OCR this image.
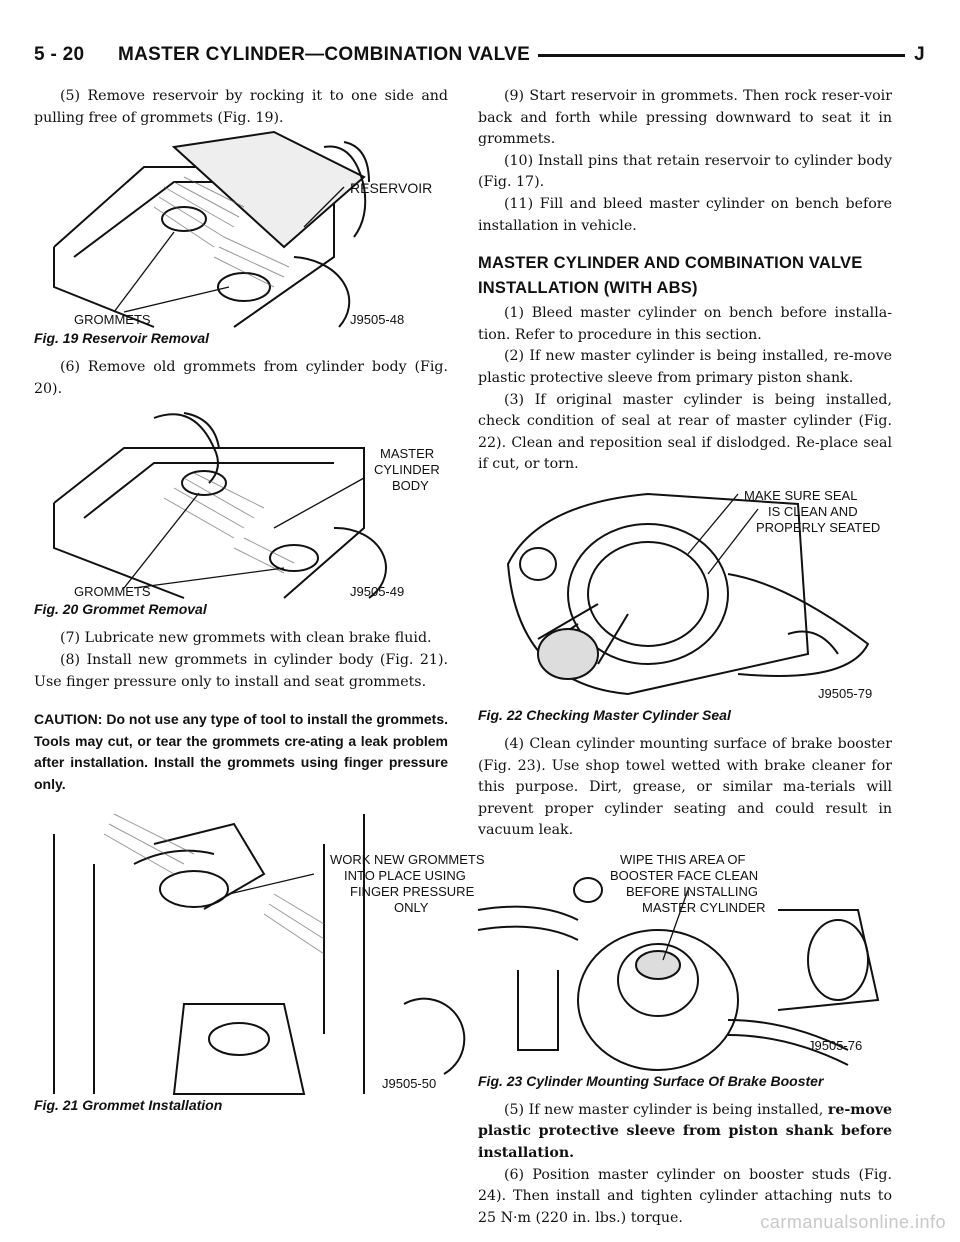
5 - 20 MASTER CYLINDER—COMBINATION VALVE	J

(5) Remove reservoir by rocking it to one side and pulling free of grommets (Fig. 19).

RESERVOIR
GROMMETS	J9505-48
Fig. 19 Reservoir Removal

(6) Remove old grommets from cylinder body (Fig. 20).

MASTER
CYLINDER
BODY
GROMMETS	J9505-49
Fig. 20 Grommet Removal

(7) Lubricate new grommets with clean brake fluid.

(8) Install new grommets in cylinder body (Fig. 21). Use finger pressure only to install and seat grommets.

CAUTION: Do not use any type of tool to install the grommets. Tools may cut, or tear the grommets cre-ating a leak problem after installation. Install the grommets using finger pressure only.
WORK NEW GROMMETS
INTO PLACE USING
FINGER PRESSURE
ONLY
J9505-50
Fig. 21 Grommet Installation

(9) Start reservoir in grommets. Then rock reser-voir back and forth while pressing downward to seat it in grommets.

(10) Install pins that retain reservoir to cylinder body (Fig. 17).

(11) Fill and bleed master cylinder on bench before installation in vehicle.

MASTER CYLINDER AND COMBINATION VALVE INSTALLATION (WITH ABS)

(1) Bleed master cylinder on bench before installa-tion. Refer to procedure in this section.

(2) If new master cylinder is being installed, re-move plastic protective sleeve from primary piston shank.

(3) If original master cylinder is being installed, check condition of seal at rear of master cylinder (Fig. 22). Clean and reposition seal if dislodged. Re-place seal if cut, or torn.

MAKE SURE SEAL
IS CLEAN AND
PROPERLY SEATED
J9505-79
Fig. 22 Checking Master Cylinder Seal

(4) Clean cylinder mounting surface of brake booster (Fig. 23). Use shop towel wetted with brake cleaner for this purpose. Dirt, grease, or similar ma-terials will prevent proper cylinder seating and could result in vacuum leak.

WIPE THIS AREA OF
BOOSTER FACE CLEAN
BEFORE INSTALLING
MASTER CYLINDER
J9505-76
Fig. 23 Cylinder Mounting Surface Of Brake Booster

(5) If new master cylinder is being installed, re-move plastic protective sleeve from piston shank before installation.

(6) Position master cylinder on booster studs (Fig. 24). Then install and tighten cylinder attaching nuts to 25 N·m (220 in. lbs.) torque.	carmanualsonline.info
